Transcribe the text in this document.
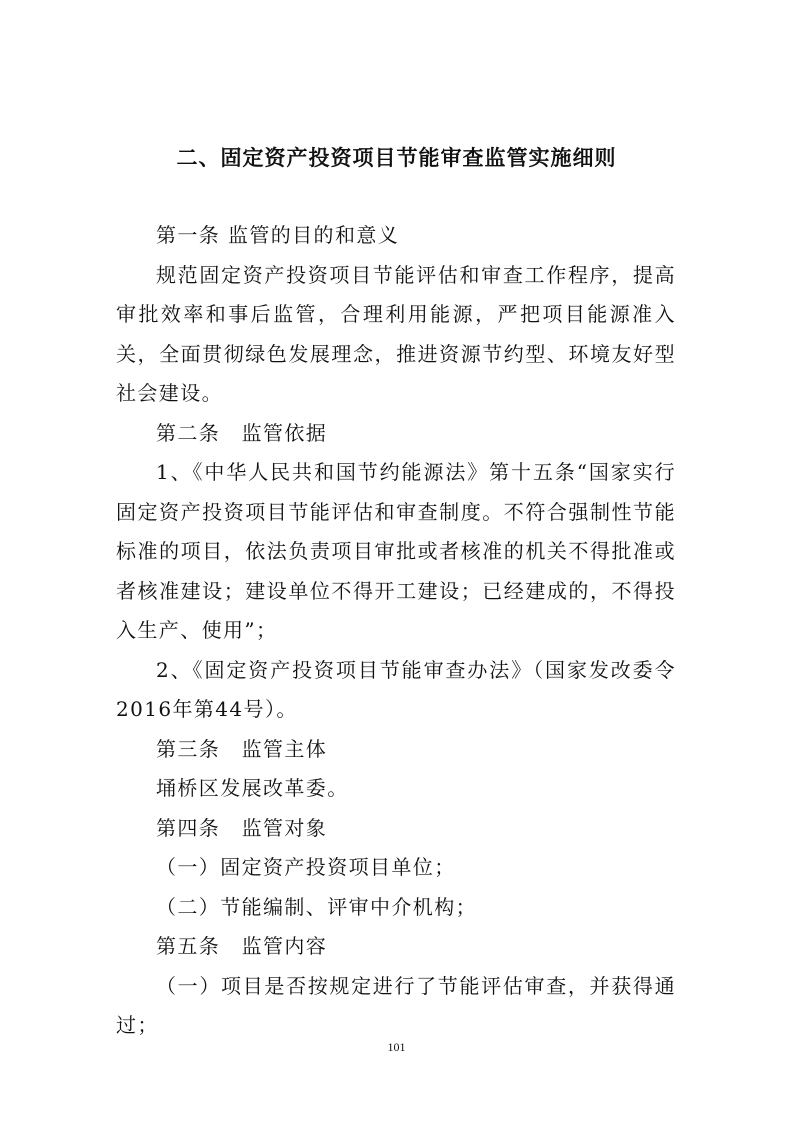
二、固定资产投资项目节能审查监管实施细则

第一条 监管的目的和意义

规范固定资产投资项目节能评估和审查工作程序，提高审批效率和事后监管，合理利用能源，严把项目能源准入关，全面贯彻绿色发展理念，推进资源节约型、环境友好型社会建设。

第二条　监管依据

1、《中华人民共和国节约能源法》第十五条“国家实行固定资产投资项目节能评估和审查制度。不符合强制性节能标准的项目，依法负责项目审批或者核准的机关不得批准或者核准建设；建设单位不得开工建设；已经建成的，不得投入生产、使用”；

2、《固定资产投资项目节能审查办法》（国家发改委令2016年第44号）。

第三条　监管主体

埇桥区发展改革委。

第四条　监管对象

（一）固定资产投资项目单位；

（二）节能编制、评审中介机构；

第五条　监管内容

（一）项目是否按规定进行了节能评估审查，并获得通过；

101
